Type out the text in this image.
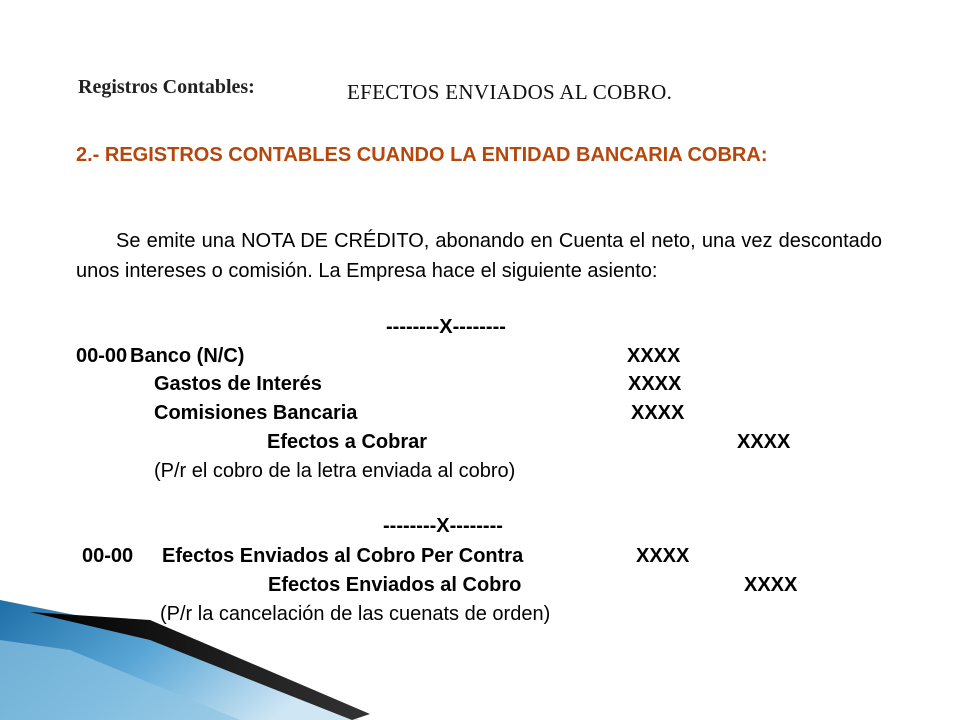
Registros Contables:	EFECTOS ENVIADOS AL COBRO.
2.- REGISTROS CONTABLES CUANDO LA ENTIDAD BANCARIA COBRA:
Se emite una NOTA DE CRÉDITO, abonando en Cuenta el neto, una vez descontado unos intereses o comisión. La Empresa hace el siguiente asiento:
--------X--------
00-00 Banco (N/C)	XXXX
Gastos de Interés	XXXX
Comisiones Bancaria	XXXX
Efectos a Cobrar	XXXX
(P/r el cobro de la letra enviada al cobro)
--------X--------
00-00 Efectos Enviados al Cobro Per Contra	XXXX
Efectos Enviados al Cobro	XXXX
(P/r la cancelación de las cuenats de orden)
